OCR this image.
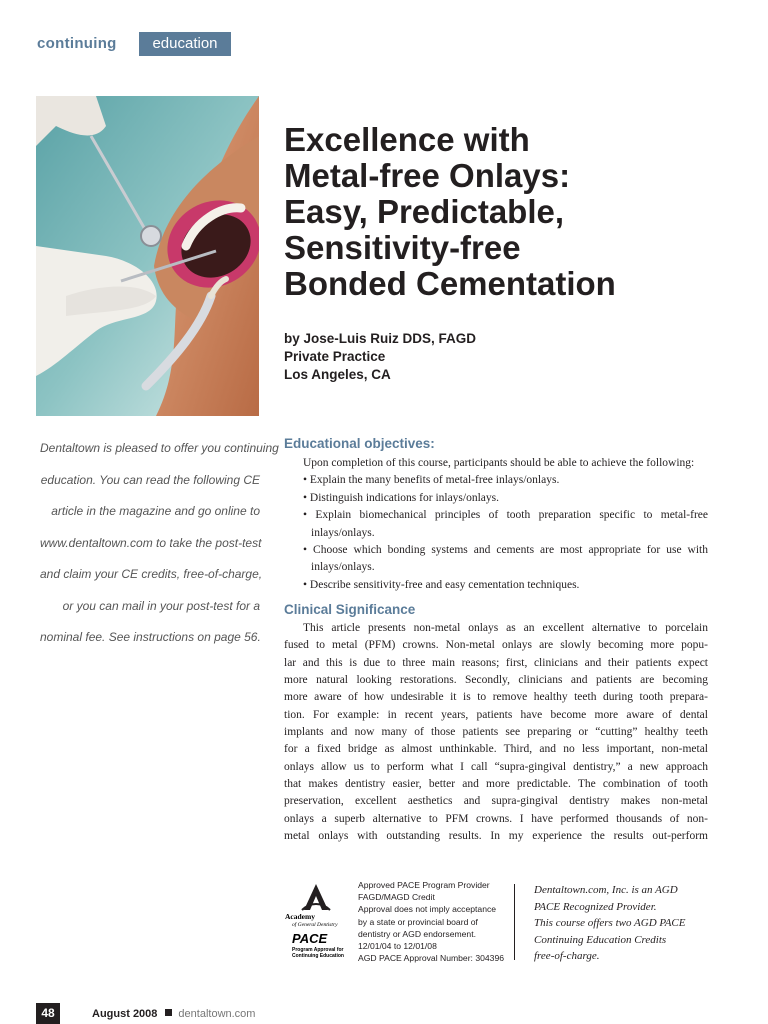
continuing	education
Excellence with
Metal-free Onlays:
Easy, Predictable,
Sensitivity-free
Bonded Cementation
by Jose-Luis Ruiz DDS, FAGD
Private Practice
Los Angeles, CA
Dentaltown is pleased to offer you continuing
education. You can read the following CE
article in the magazine and go online to
www.dentaltown.com to take the post-test
and claim your CE credits, free-of-charge,
or you can mail in your post-test for a
nominal fee. See instructions on page 56.
Educational objectives:
Upon completion of this course, participants should be able to achieve the following:
• Explain the many benefits of metal-free inlays/onlays.
• Distinguish indications for inlays/onlays.
• Explain biomechanical principles of tooth preparation specific to metal-free inlays/onlays.
• Choose which bonding systems and cements are most appropriate for use with inlays/onlays.
• Describe sensitivity-free and easy cementation techniques.
Clinical Significance
This article presents non-metal onlays as an excellent alternative to porcelain
fused to metal (PFM) crowns. Non-metal onlays are slowly becoming more popu-
lar and this is due to three main reasons; first, clinicians and their patients expect
more natural looking restorations. Secondly, clinicians and patients are becoming
more aware of how undesirable it is to remove healthy teeth during tooth prepara-
tion. For example: in recent years, patients have become more aware of dental
implants and now many of those patients see preparing or “cutting” healthy teeth
for a fixed bridge as almost unthinkable. Third, and no less important, non-metal
onlays allow us to perform what I call “supra-gingival dentistry,” a new approach
that makes dentistry easier, better and more predictable. The combination of tooth
preservation, excellent aesthetics and supra-gingival dentistry makes non-metal
onlays a superb alternative to PFM crowns. I have performed thousands of non-
metal onlays with outstanding results. In my experience the results out-perform
Academy
of General Dentistry
PACE
Program Approval for
Continuing Education
Approved PACE Program Provider
FAGD/MAGD Credit
Approval does not imply acceptance
by a state or provincial board of
dentistry or AGD endorsement.
12/01/04 to 12/01/08
AGD PACE Approval Number: 304396
Dentaltown.com, Inc. is an AGD
PACE Recognized Provider.
This course offers two AGD PACE
Continuing Education Credits
free-of-charge.
48	August 2008 dentaltown.com
